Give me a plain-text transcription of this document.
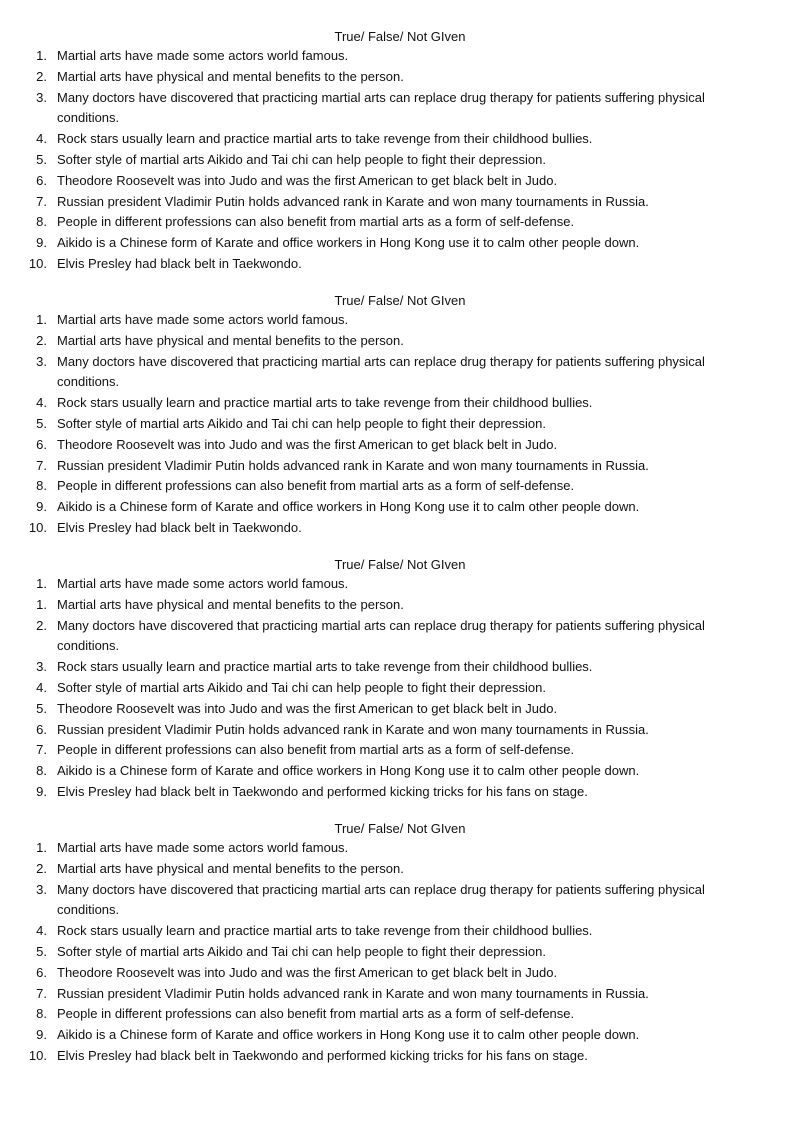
True/ False/ Not GIven
1. Martial arts have made some actors world famous.
2. Martial arts have physical and mental benefits to the person.
3. Many doctors have discovered that practicing martial arts can replace drug therapy for patients suffering physical conditions.
4. Rock stars usually learn and practice martial arts to take revenge from their childhood bullies.
5. Softer style of martial arts Aikido and Tai chi can help people to fight their depression.
6. Theodore Roosevelt was into Judo and was the first American to get black belt in Judo.
7. Russian president Vladimir Putin holds advanced rank in Karate and won many tournaments in Russia.
8. People in different professions can also benefit from martial arts as a form of self-defense.
9. Aikido is a Chinese form of Karate and office workers in Hong Kong use it to calm other people down.
10. Elvis Presley had black belt in Taekwondo.
True/ False/ Not GIven
1. Martial arts have made some actors world famous.
2. Martial arts have physical and mental benefits to the person.
3. Many doctors have discovered that practicing martial arts can replace drug therapy for patients suffering physical conditions.
4. Rock stars usually learn and practice martial arts to take revenge from their childhood bullies.
5. Softer style of martial arts Aikido and Tai chi can help people to fight their depression.
6. Theodore Roosevelt was into Judo and was the first American to get black belt in Judo.
7. Russian president Vladimir Putin holds advanced rank in Karate and won many tournaments in Russia.
8. People in different professions can also benefit from martial arts as a form of self-defense.
9. Aikido is a Chinese form of Karate and office workers in Hong Kong use it to calm other people down.
10. Elvis Presley had black belt in Taekwondo.
True/ False/ Not GIven
1. Martial arts have made some actors world famous.
1. Martial arts have physical and mental benefits to the person.
2. Many doctors have discovered that practicing martial arts can replace drug therapy for patients suffering physical conditions.
3. Rock stars usually learn and practice martial arts to take revenge from their childhood bullies.
4. Softer style of martial arts Aikido and Tai chi can help people to fight their depression.
5. Theodore Roosevelt was into Judo and was the first American to get black belt in Judo.
6. Russian president Vladimir Putin holds advanced rank in Karate and won many tournaments in Russia.
7. People in different professions can also benefit from martial arts as a form of self-defense.
8. Aikido is a Chinese form of Karate and office workers in Hong Kong use it to calm other people down.
9. Elvis Presley had black belt in Taekwondo and performed kicking tricks for his fans on stage.
True/ False/ Not GIven
1. Martial arts have made some actors world famous.
2. Martial arts have physical and mental benefits to the person.
3. Many doctors have discovered that practicing martial arts can replace drug therapy for patients suffering physical conditions.
4. Rock stars usually learn and practice martial arts to take revenge from their childhood bullies.
5. Softer style of martial arts Aikido and Tai chi can help people to fight their depression.
6. Theodore Roosevelt was into Judo and was the first American to get black belt in Judo.
7. Russian president Vladimir Putin holds advanced rank in Karate and won many tournaments in Russia.
8. People in different professions can also benefit from martial arts as a form of self-defense.
9. Aikido is a Chinese form of Karate and office workers in Hong Kong use it to calm other people down.
10. Elvis Presley had black belt in Taekwondo and performed kicking tricks for his fans on stage.
